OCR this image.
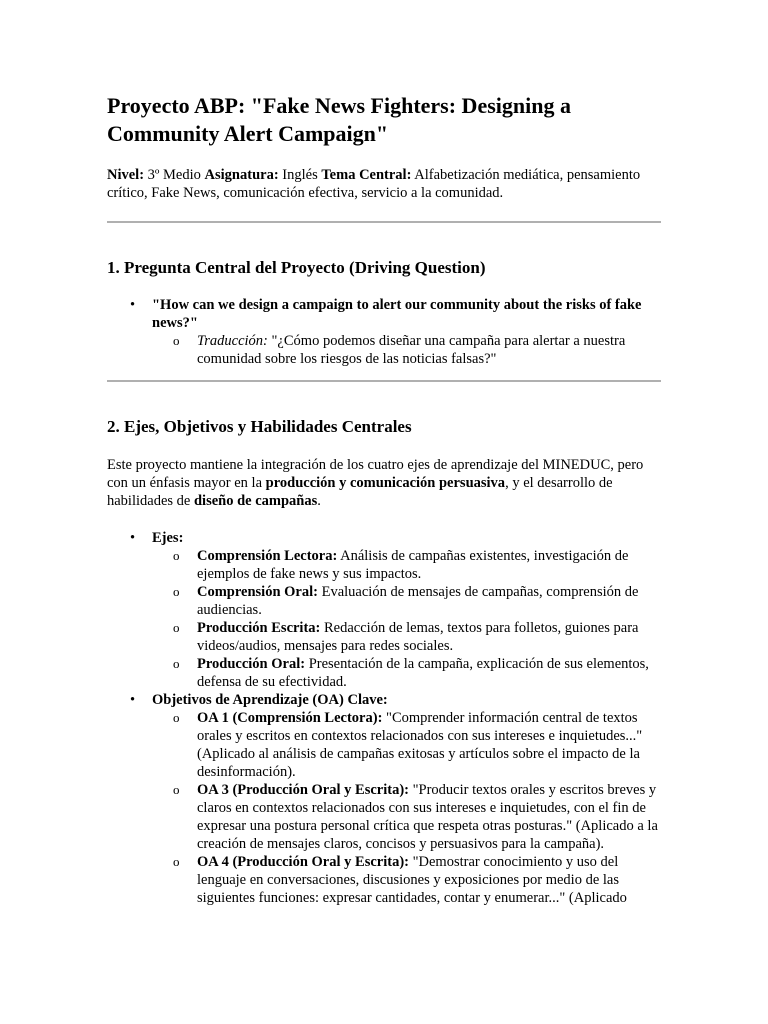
Proyecto ABP: "Fake News Fighters: Designing a Community Alert Campaign"

Nivel: 3º Medio Asignatura: Inglés Tema Central: Alfabetización mediática, pensamiento crítico, Fake News, comunicación efectiva, servicio a la comunidad.

1. Pregunta Central del Proyecto (Driving Question)
• "How can we design a campaign to alert our community about the risks of fake news?"
o Traducción: "¿Cómo podemos diseñar una campaña para alertar a nuestra comunidad sobre los riesgos de las noticias falsas?"
2. Ejes, Objetivos y Habilidades Centrales

Este proyecto mantiene la integración de los cuatro ejes de aprendizaje del MINEDUC, pero con un énfasis mayor en la producción y comunicación persuasiva, y el desarrollo de habilidades de diseño de campañas.

• Ejes:
o Comprensión Lectora: Análisis de campañas existentes, investigación de ejemplos de fake news y sus impactos.
o Comprensión Oral: Evaluación de mensajes de campañas, comprensión de audiencias.
o Producción Escrita: Redacción de lemas, textos para folletos, guiones para videos/audios, mensajes para redes sociales.
o Producción Oral: Presentación de la campaña, explicación de sus elementos, defensa de su efectividad.
• Objetivos de Aprendizaje (OA) Clave:
o OA 1 (Comprensión Lectora): "Comprender información central de textos orales y escritos en contextos relacionados con sus intereses e inquietudes..." (Aplicado al análisis de campañas exitosas y artículos sobre el impacto de la desinformación).
o OA 3 (Producción Oral y Escrita): "Producir textos orales y escritos breves y claros en contextos relacionados con sus intereses e inquietudes, con el fin de expresar una postura personal crítica que respeta otras posturas." (Aplicado a la creación de mensajes claros, concisos y persuasivos para la campaña).
o OA 4 (Producción Oral y Escrita): "Demostrar conocimiento y uso del lenguaje en conversaciones, discusiones y exposiciones por medio de las siguientes funciones: expresar cantidades, contar y enumerar..." (Aplicado
